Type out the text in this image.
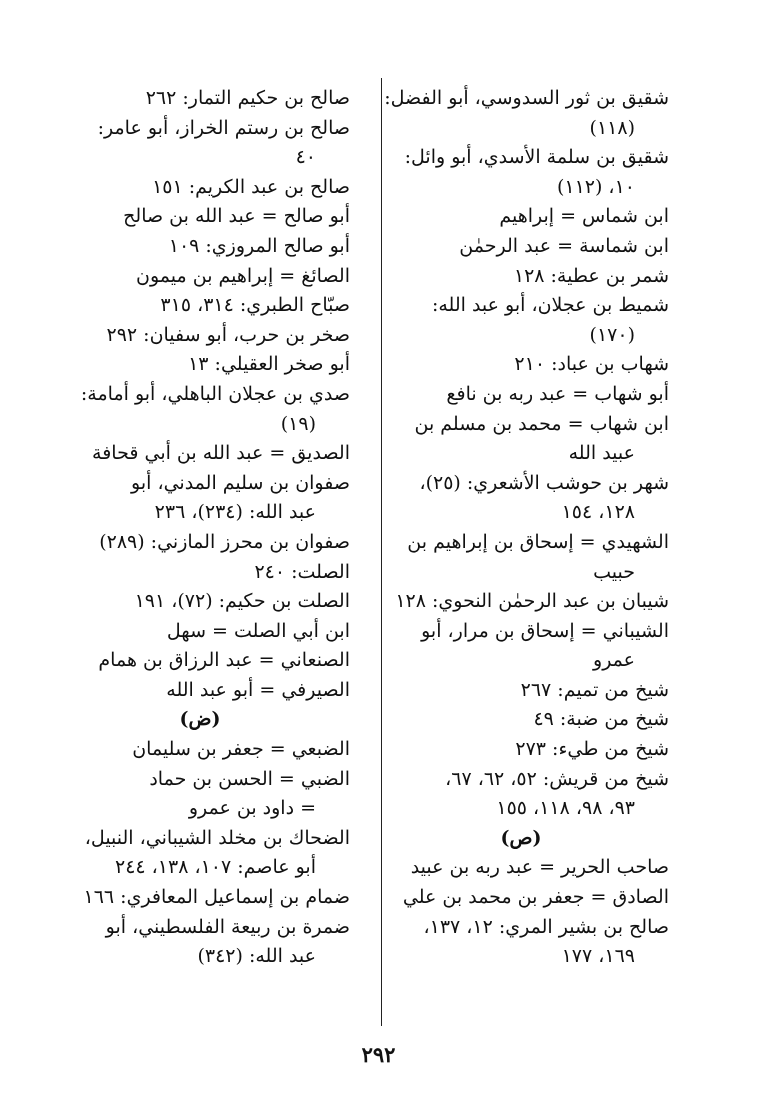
شقيق بن ثور السدوسي، أبو الفضل:
(١١٨)
شقيق بن سلمة الأسدي، أبو وائل:
١٠، (١١٢)
ابن شماس = إبراهيم
ابن شماسة = عبد الرحمٰن
شمر بن عطية: ١٢٨
شميط بن عجلان، أبو عبد الله:
(١٧٠)
شهاب بن عباد: ٢١٠
أبو شهاب = عبد ربه بن نافع
ابن شهاب = محمد بن مسلم بن
عبيد الله
شهر بن حوشب الأشعري: (٢٥)،
١٢٨، ١٥٤
الشهيدي = إسحاق بن إبراهيم بن
حبيب
شيبان بن عبد الرحمٰن النحوي: ١٢٨
الشيباني = إسحاق بن مرار، أبو
عمرو
شيخ من تميم: ٢٦٧
شيخ من ضبة: ٤٩
شيخ من طيء: ٢٧٣
شيخ من قريش: ٥٢، ٦٢، ٦٧،
٩٣، ٩٨، ١١٨، ١٥٥
(ص)
صاحب الحرير = عبد ربه بن عبيد
الصادق = جعفر بن محمد بن علي
صالح بن بشير المري: ١٢، ١٣٧،
١٦٩، ١٧٧
صالح بن حكيم التمار: ٢٦٢
صالح بن رستم الخراز، أبو عامر:
٤٠
صالح بن عبد الكريم: ١٥١
أبو صالح = عبد الله بن صالح
أبو صالح المروزي: ١٠٩
الصائغ = إبراهيم بن ميمون
صبّاح الطبري: ٣١٤، ٣١٥
صخر بن حرب، أبو سفيان: ٢٩٢
أبو صخر العقيلي: ١٣
صدي بن عجلان الباهلي، أبو أمامة:
(١٩)
الصديق = عبد الله بن أبي قحافة
صفوان بن سليم المدني، أبو
عبد الله: (٢٣٤)، ٢٣٦
صفوان بن محرز المازني: (٢٨٩)
الصلت: ٢٤٠
الصلت بن حكيم: (٧٢)، ١٩١
ابن أبي الصلت = سهل
الصنعاني = عبد الرزاق بن همام
الصيرفي = أبو عبد الله
(ض)
الضبعي = جعفر بن سليمان
الضبي = الحسن بن حماد
= داود بن عمرو
الضحاك بن مخلد الشيباني، النبيل،
أبو عاصم: ١٠٧، ١٣٨، ٢٤٤
ضمام بن إسماعيل المعافري: ١٦٦
ضمرة بن ربيعة الفلسطيني، أبو
عبد الله: (٣٤٢)
٢٩٢
